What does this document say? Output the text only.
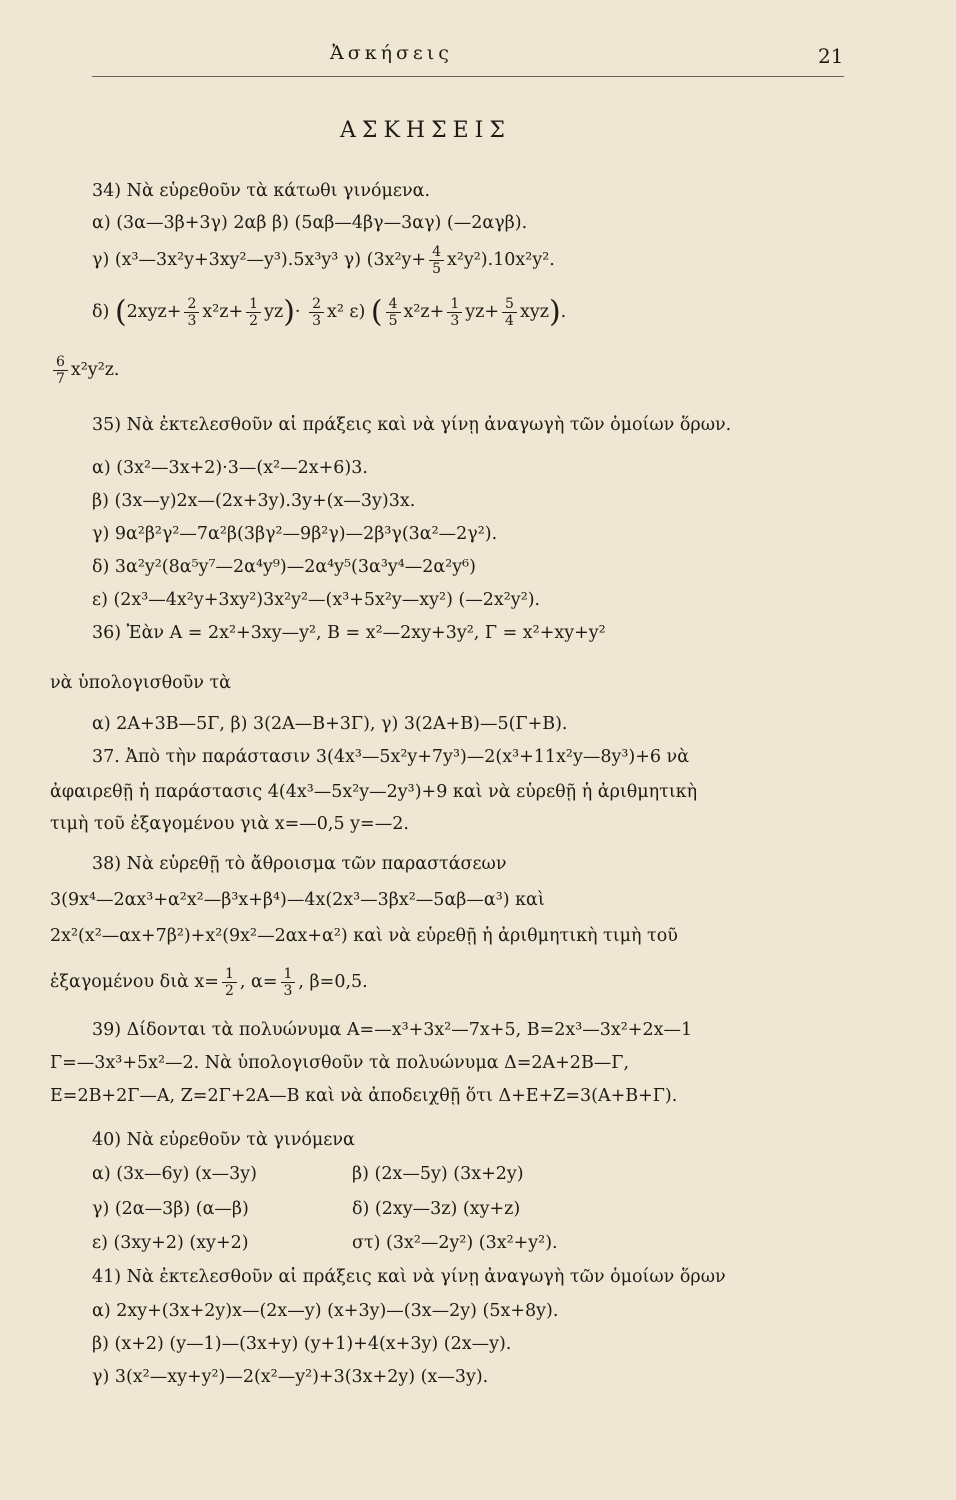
Ἀσκήσεις	21
ΑΣΚΗΣΕΙΣ
34) Νὰ εὑρεθοῦν τὰ κάτωθι γινόμενα.
α) (3α—3β+3γ) 2αβ β) (5αβ—4βγ—3αγ) (—2αγβ).
γ) (x³—3x²y+3xy²—y³).5x³y³ γ) $(3x^2y+ \frac{4}{5} x^2y^2).10x^2y^2$.
δ) $(2xyz+ \frac{2}{3} x^2z+ \frac{1}{2} yz)\cdot \frac{2}{3} x^2$ ε) ( $\frac{4}{5} x^2z+ \frac{1}{3} yz+ \frac{5}{4} xyz$).
$\frac{6}{7} x^2y^2z$.
35) Νὰ ἐκτελεσθοῦν αἱ πράξεις καὶ νὰ γίνῃ ἀναγωγὴ τῶν ὁμοίων ὅρων.
α) (3x²—3x+2)·3—(x²—2x+6)3.
β) (3x—y)2x—(2x+3y).3y+(x—3y)3x.
γ) 9α²β²γ²—7α²β(3βγ²—9β²γ)—2β³γ(3α²—2γ²).
δ) 3α²y²(8α⁵y⁷—2α⁴y⁹)—2α⁴y⁵(3α³y⁴—2α²y⁶)
ε) (2x³—4x²y+3xy²)3x²y²—(x³+5x²y—xy²) (—2x²y²).
36) Ἐὰν A = 2x²+3xy—y², B = x²—2xy+3y², Γ = x²+xy+y²
νὰ ὑπολογισθοῦν τὰ
α) 2A+3B—5Γ, β) 3(2A—B+3Γ), γ) 3(2A+B)—5(Γ+B).
37. Ἀπὸ τὴν παράστασιν 3(4x³—5x²y+7y³)—2(x³+11x²y—8y³)+6 νὰ
ἀφαιρεθῇ ἡ παράστασις 4(4x³—5x²y—2y³)+9 καὶ νὰ εὑρεθῇ ἡ ἀριθμητικὴ
τιμὴ τοῦ ἐξαγομένου γιὰ x=—0,5 y=—2.
38) Νὰ εὑρεθῇ τὸ ἄθροισμα τῶν παραστάσεων
3(9x⁴—2αx³+α²x²—β³x+β⁴)—4x(2x³—3βx²—5αβ—α³) καὶ
2x²(x²—αx+7β²)+x²(9x²—2αx+α²) καὶ νὰ εὑρεθῇ ἡ ἀριθμητικὴ τιμὴ τοῦ
ἐξαγομένου διὰ $x= \frac{1}{2}$ , $\alpha= \frac{1}{3}$ , β=0,5.
39) Δίδονται τὰ πολυώνυμα A=—x³+3x²—7x+5, B=2x³—3x²+2x—1
Γ=—3x³+5x²—2. Νὰ ὑπολογισθοῦν τὰ πολυώνυμα Δ=2A+2B—Γ,
E=2B+2Γ—A, Z=2Γ+2A—B καὶ νὰ ἀποδειχθῇ ὅτι Δ+E+Z=3(A+B+Γ).
40) Νὰ εὑρεθοῦν τὰ γινόμενα
α) (3x—6y) (x—3y)	β) (2x—5y) (3x+2y)
γ) (2α—3β) (α—β)	δ) (2xy—3z) (xy+z)
ε) (3xy+2) (xy+2)	στ) (3x²—2y²) (3x²+y²).
41) Νὰ ἐκτελεσθοῦν αἱ πράξεις καὶ νὰ γίνῃ ἀναγωγὴ τῶν ὁμοίων ὅρων
α) 2xy+(3x+2y)x—(2x—y) (x+3y)—(3x—2y) (5x+8y).
β) (x+2) (y—1)—(3x+y) (y+1)+4(x+3y) (2x—y).
γ) 3(x²—xy+y²)—2(x²—y²)+3(3x+2y) (x—3y).
